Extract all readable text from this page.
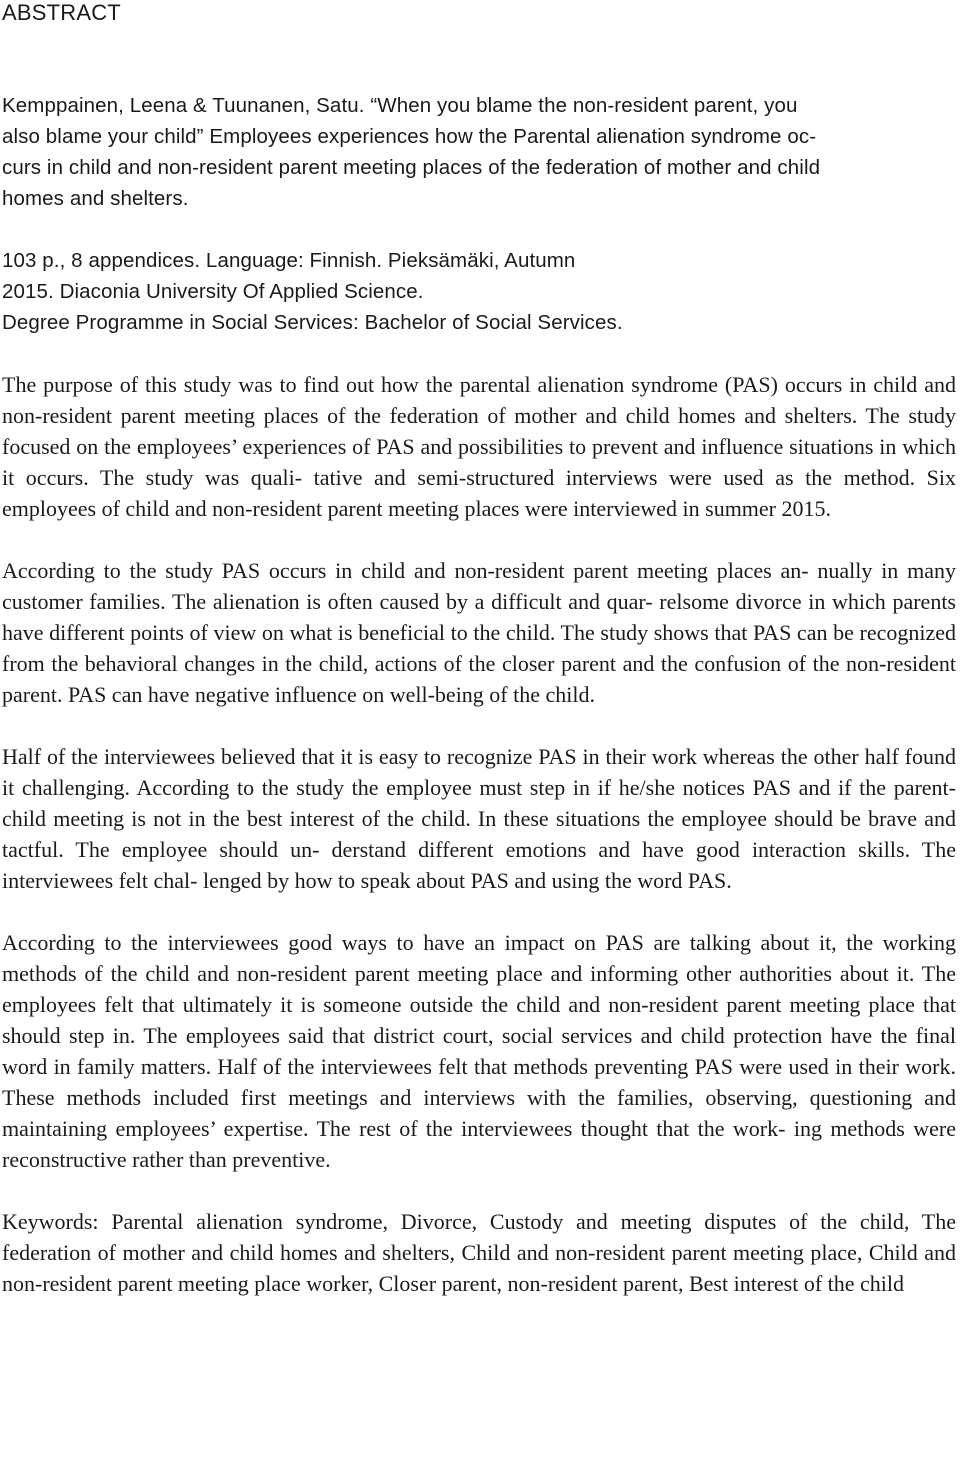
ABSTRACT

Kemppainen, Leena & Tuunanen, Satu. “When you blame the non-resident parent, you
also blame your child” Employees experiences how the Parental alienation syndrome oc-
curs in child and non-resident parent meeting places of the federation of mother and child
homes and shelters.

103 p., 8 appendices. Language: Finnish. Pieksämäki, Autumn
2015. Diaconia University Of Applied Science.
Degree Programme in Social Services: Bachelor of Social Services.

The purpose of this study was to find out how the parental alienation syndrome (PAS) occurs in child and non-resident parent meeting places of the federation of mother and child homes and shelters. The study focused on the employees’ experiences of PAS and possibilities to prevent and influence situations in which it occurs. The study was quali- tative and semi-structured interviews were used as the method. Six employees of child and non-resident parent meeting places were interviewed in summer 2015.

According to the study PAS occurs in child and non-resident parent meeting places an- nually in many customer families. The alienation is often caused by a difficult and quar- relsome divorce in which parents have different points of view on what is beneficial to the child. The study shows that PAS can be recognized from the behavioral changes in the child, actions of the closer parent and the confusion of the non-resident parent. PAS can have negative influence on well-being of the child.

Half of the interviewees believed that it is easy to recognize PAS in their work whereas the other half found it challenging. According to the study the employee must step in if he/she notices PAS and if the parent-child meeting is not in the best interest of the child. In these situations the employee should be brave and tactful. The employee should un- derstand different emotions and have good interaction skills. The interviewees felt chal- lenged by how to speak about PAS and using the word PAS.

According to the interviewees good ways to have an impact on PAS are talking about it, the working methods of the child and non-resident parent meeting place and informing other authorities about it. The employees felt that ultimately it is someone outside the child and non-resident parent meeting place that should step in. The employees said that district court, social services and child protection have the final word in family matters. Half of the interviewees felt that methods preventing PAS were used in their work. These methods included first meetings and interviews with the families, observing, questioning and maintaining employees’ expertise. The rest of the interviewees thought that the work- ing methods were reconstructive rather than preventive.

Keywords: Parental alienation syndrome, Divorce, Custody and meeting disputes of the child, The federation of mother and child homes and shelters, Child and non-resident parent meeting place, Child and non-resident parent meeting place worker, Closer parent, non-resident parent, Best interest of the child
